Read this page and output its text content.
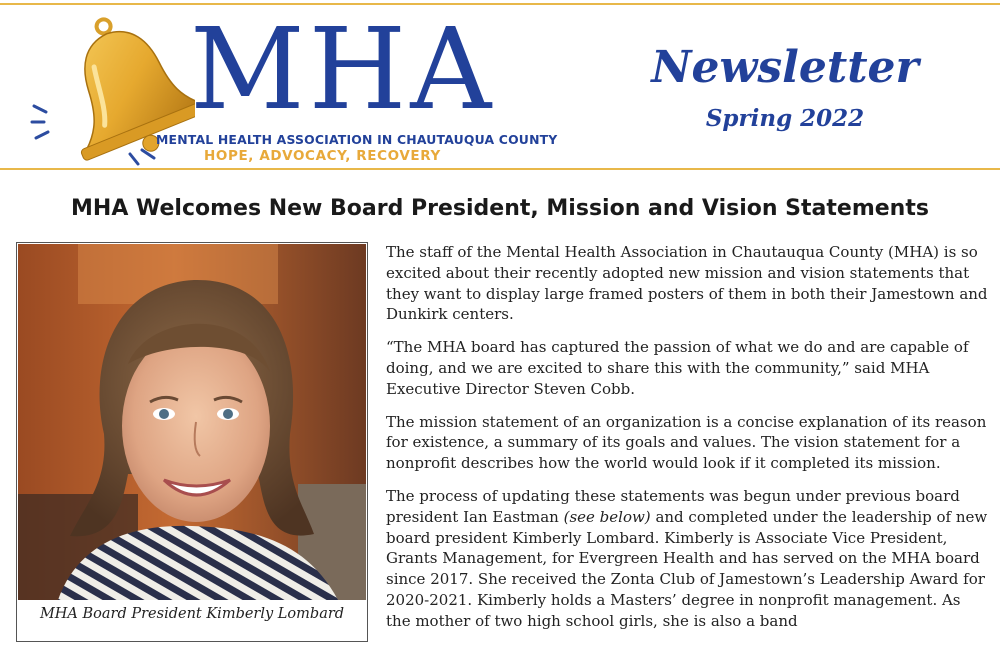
MHA
MENTAL HEALTH ASSOCIATION IN CHAUTAUQUA COUNTY
HOPE, ADVOCACY, RECOVERY
Newsletter
Spring 2022
MHA Welcomes New Board President, Mission and Vision Statements
MHA Board President Kimberly Lombard

The staff of the Mental Health Association in Chautauqua County (MHA) is so excited about their recently adopted new mission and vision statements that they want to display large framed posters of them in both their Jamestown and Dunkirk centers.

“The MHA board has captured the passion of what we do and are capable of doing, and we are excited to share this with the community,” said MHA Executive Director Steven Cobb.

The mission statement of an organization is a concise explanation of its reason for existence, a summary of its goals and values. The vision statement for a nonprofit describes how the world would look if it completed its mission.

The process of updating these statements was begun under previous board president Ian Eastman (see below) and completed under the leadership of new board president Kimberly Lombard. Kimberly is Associate Vice President, Grants Management, for Evergreen Health and has served on the MHA board since 2017. She received the Zonta Club of Jamestown’s Leadership Award for 2020-2021. Kimberly holds a Masters’ degree in nonprofit management. As the mother of two high school girls, she is also a band
